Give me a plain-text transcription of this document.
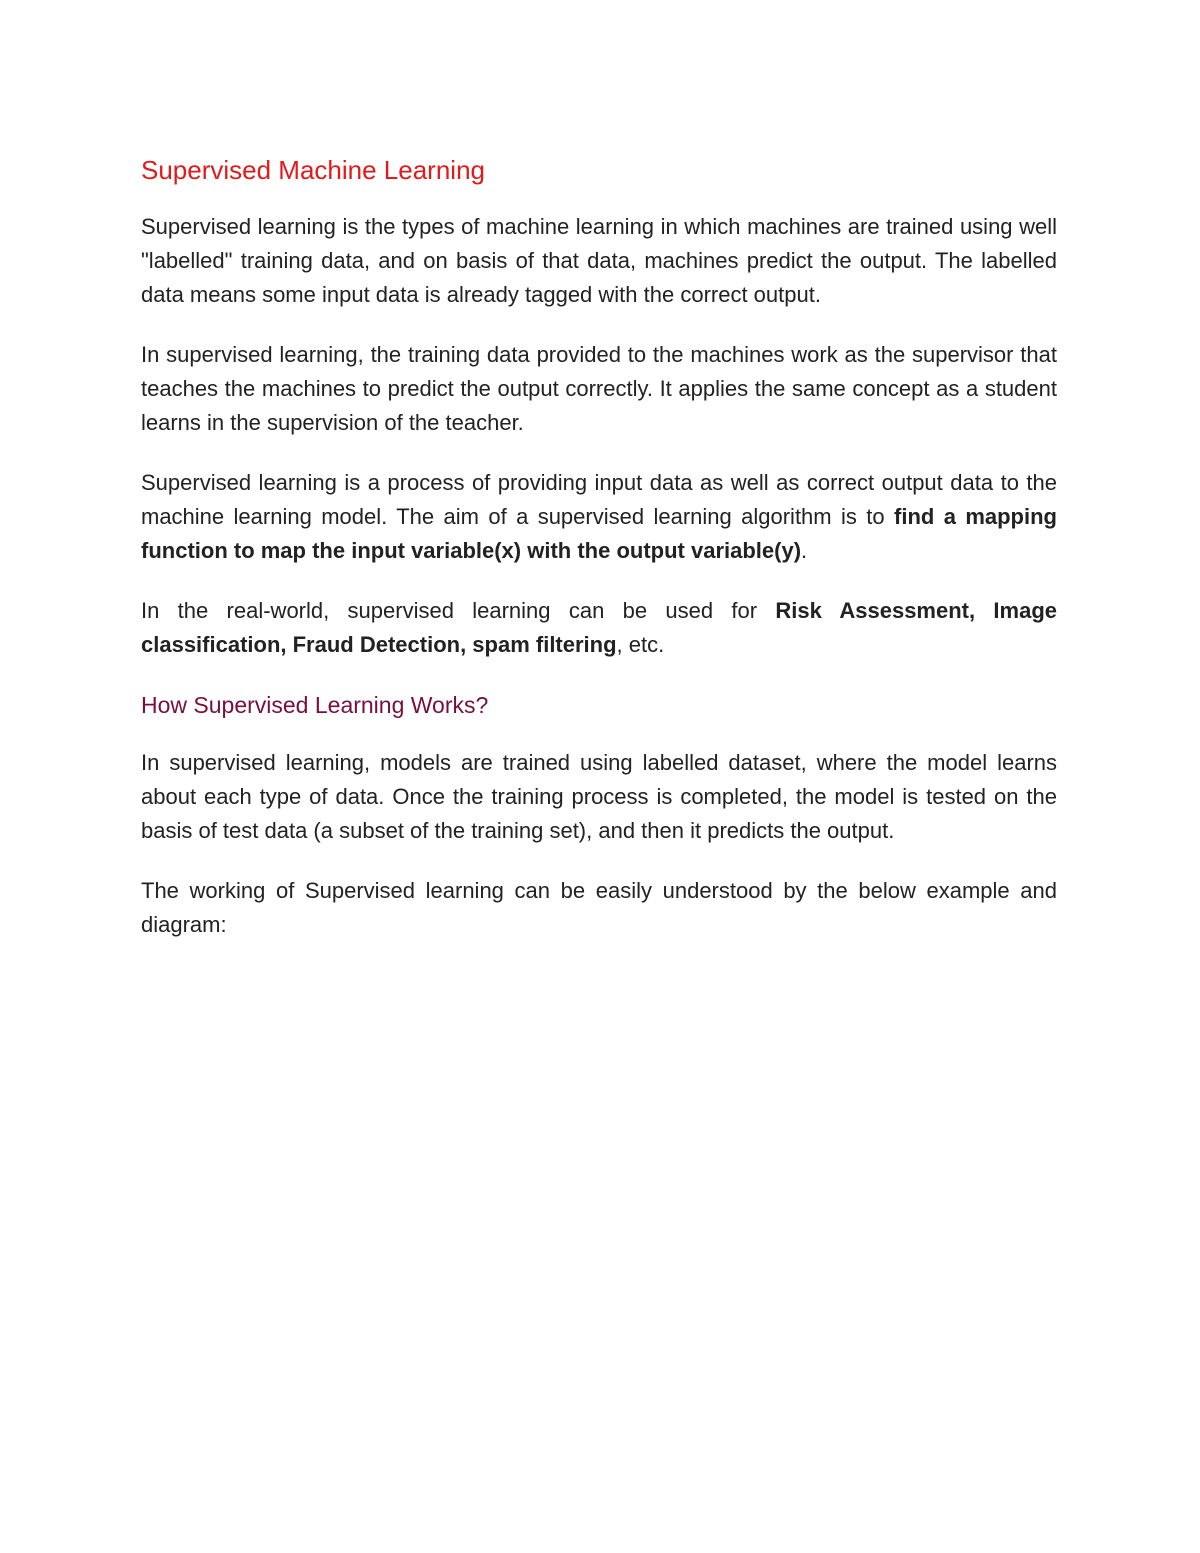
Supervised Machine Learning

Supervised learning is the types of machine learning in which machines are trained using well "labelled" training data, and on basis of that data, machines predict the output. The labelled data means some input data is already tagged with the correct output.

In supervised learning, the training data provided to the machines work as the supervisor that teaches the machines to predict the output correctly. It applies the same concept as a student learns in the supervision of the teacher.

Supervised learning is a process of providing input data as well as correct output data to the machine learning model. The aim of a supervised learning algorithm is to find a mapping function to map the input variable(x) with the output variable(y).

In the real-world, supervised learning can be used for Risk Assessment, Image classification, Fraud Detection, spam filtering, etc.

How Supervised Learning Works?

In supervised learning, models are trained using labelled dataset, where the model learns about each type of data. Once the training process is completed, the model is tested on the basis of test data (a subset of the training set), and then it predicts the output.

The working of Supervised learning can be easily understood by the below example and diagram:
